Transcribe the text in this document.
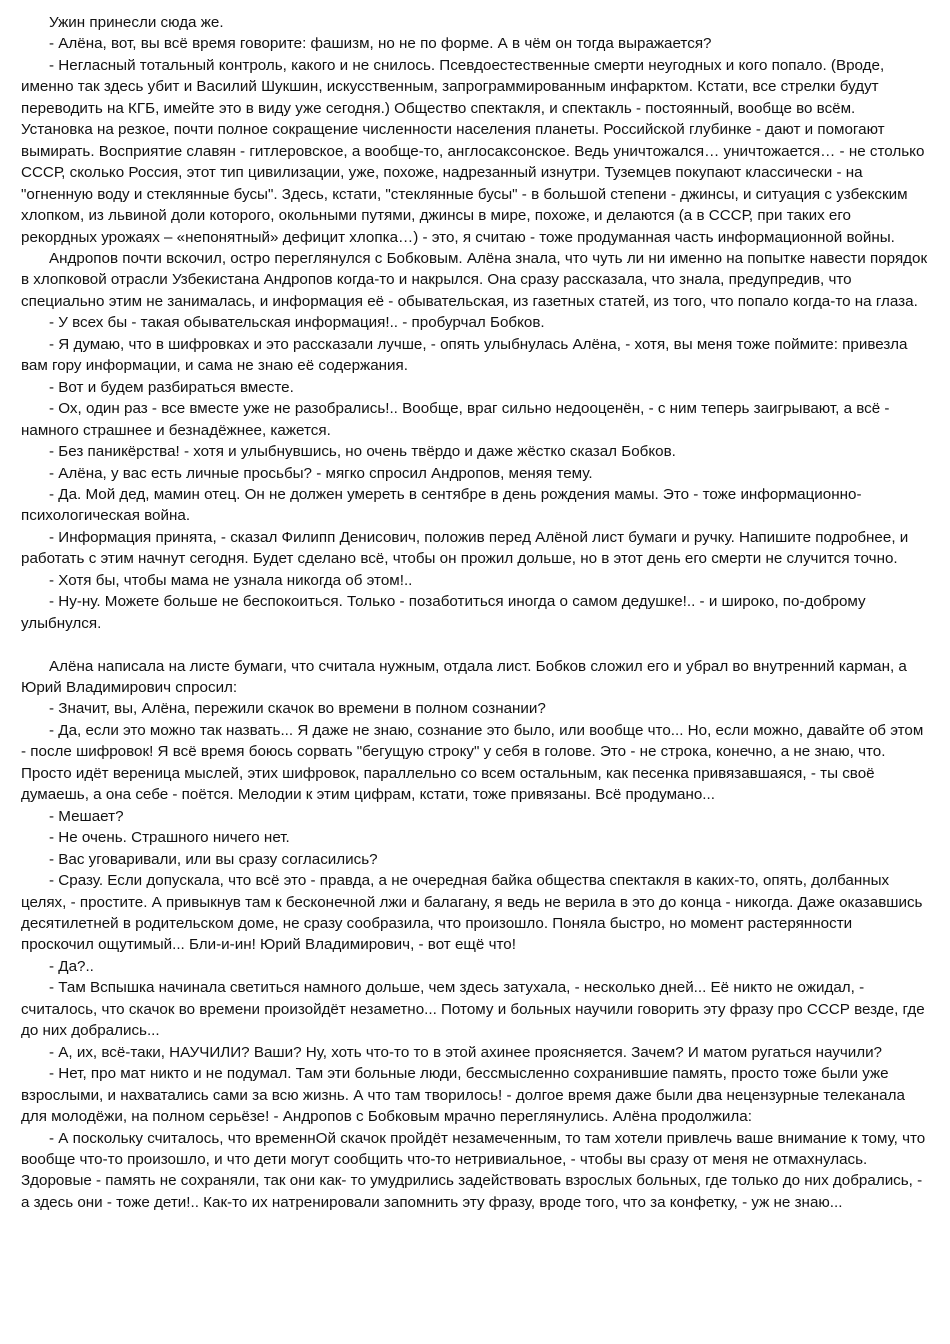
Ужин принесли сюда же.

- Алёна, вот, вы всё время говорите: фашизм, но не по форме. А в чём он тогда выражается?

- Негласный тотальный контроль, какого и не снилось. Псевдоестественные смерти неугодных и кого попало. (Вроде, именно так здесь убит и Василий Шукшин, искусственным, запрограммированным инфарктом. Кстати, все стрелки будут переводить на КГБ, имейте это в виду уже сегодня.) Общество спектакля, и спектакль - постоянный, вообще во всём. Установка на резкое, почти полное сокращение численности населения планеты. Российской глубинке - дают и помогают вымирать. Восприятие славян - гитлеровское, а вообще-то, англосаксонское. Ведь уничтожался… уничтожается… - не столько СССР, сколько Россия, этот тип цивилизации, уже, похоже, надрезанный изнутри. Туземцев покупают классически - на "огненную воду и стеклянные бусы". Здесь, кстати, "стеклянные бусы" - в большой степени - джинсы, и ситуация с узбекским хлопком, из львиной доли которого, окольными путями, джинсы в мире, похоже, и делаются (а в СССР, при таких его рекордных урожаях – «непонятный» дефицит хлопка…) - это, я считаю - тоже продуманная часть информационной войны.

Андропов почти вскочил, остро переглянулся с Бобковым. Алёна знала, что чуть ли ни именно на попытке навести порядок в хлопковой отрасли Узбекистана Андропов когда-то и накрылся. Она сразу рассказала, что знала, предупредив, что специально этим не занималась, и информация её - обывательская, из газетных статей, из того, что попало когда-то на глаза.

- У всех бы - такая обывательская информация!.. - пробурчал Бобков.

- Я думаю, что в шифровках и это рассказали лучше, - опять улыбнулась Алёна, - хотя, вы меня тоже поймите: привезла вам гору информации, и сама не знаю её содержания.

- Вот и будем разбираться вместе.

- Ох, один раз - все вместе уже не разобрались!.. Вообще, враг сильно недооценён, - с ним теперь заигрывают, а всё - намного страшнее и безнадёжнее, кажется.

- Без паникёрства! - хотя и улыбнувшись, но очень твёрдо и даже жёстко сказал Бобков.

- Алёна, у вас есть личные просьбы? - мягко спросил Андропов, меняя тему.

- Да. Мой дед, мамин отец. Он не должен умереть в сентябре в день рождения мамы. Это - тоже информационно-психологическая война.

- Информация принята, - сказал Филипп Денисович, положив перед Алёной лист бумаги и ручку. Напишите подробнее, и работать с этим начнут сегодня. Будет сделано всё, чтобы он прожил дольше, но в этот день его смерти не случится точно.

- Хотя бы, чтобы мама не узнала никогда об этом!..

- Ну-ну. Можете больше не беспокоиться. Только - позаботиться иногда о самом дедушке!.. - и широко, по-доброму улыбнулся.

Алёна написала на листе бумаги, что считала нужным, отдала лист. Бобков сложил его и убрал во внутренний карман, а Юрий Владимирович спросил:

- Значит, вы, Алёна, пережили скачок во времени в полном сознании?

- Да, если это можно так назвать... Я даже не знаю, сознание это было, или вообще что... Но, если можно, давайте об этом - после шифровок! Я всё время боюсь сорвать "бегущую строку" у себя в голове. Это - не строка, конечно, а не знаю, что. Просто идёт вереница мыслей, этих шифровок, параллельно со всем остальным, как песенка привязавшаяся, - ты своё думаешь, а она себе - поётся. Мелодии к этим цифрам, кстати, тоже привязаны. Всё продумано...

- Мешает?

- Не очень. Страшного ничего нет.

- Вас уговаривали, или вы сразу согласились?

- Сразу. Если допускала, что всё это - правда, а не очередная байка общества спектакля в каких-то, опять, долбанных целях, - простите. А привыкнув там к бесконечной лжи и балагану, я ведь не верила в это до конца - никогда. Даже оказавшись десятилетней в родительском доме, не сразу сообразила, что произошло. Поняла быстро, но момент растерянности проскочил ощутимый... Бли-и-ин! Юрий Владимирович, - вот ещё что!

- Да?..

- Там Вспышка начинала светиться намного дольше, чем здесь затухала, - несколько дней... Её никто не ожидал, - считалось, что скачок во времени произойдёт незаметно... Потому и больных научили говорить эту фразу про СССР везде, где до них добрались...

- А, их, всё-таки, НАУЧИЛИ? Ваши? Ну, хоть что-то то в этой ахинее проясняется. Зачем? И матом ругаться научили?

- Нет, про мат никто и не подумал. Там эти больные люди, бессмысленно сохранившие память, просто тоже были уже взрослыми, и нахватались сами за всю жизнь. А что там творилось! - долгое время даже были два нецензурные телеканала для молодёжи, на полном серьёзе! - Андропов с Бобковым мрачно переглянулись. Алёна продолжила:

- А поскольку считалось, что временнОй скачок пройдёт незамеченным, то там хотели привлечь ваше внимание к тому, что вообще что-то произошло, и что дети могут сообщить что-то нетривиальное, - чтобы вы сразу от меня не отмахнулась. Здоровые - память не сохраняли, так они как- то умудрились задействовать взрослых больных, где только до них добрались, - а здесь они - тоже дети!.. Как-то их натренировали запомнить эту фразу, вроде того, что за конфетку, - уж не знаю...
